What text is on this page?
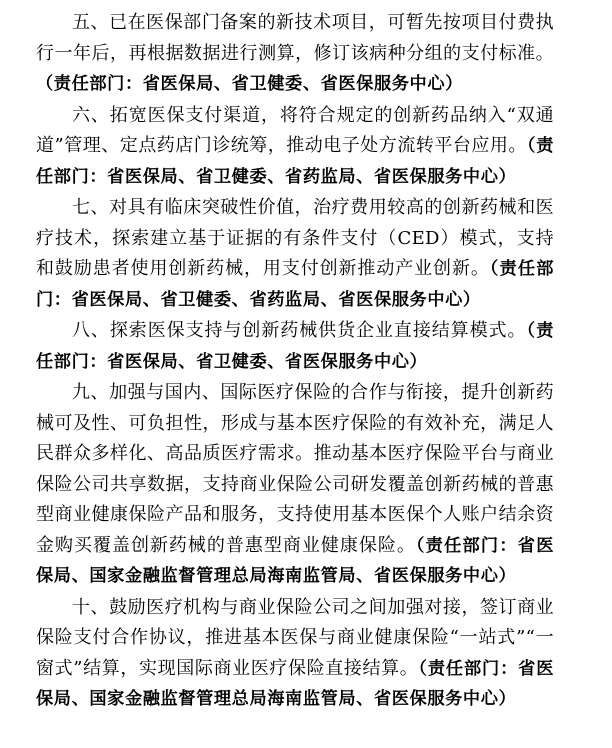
五、已在医保部门备案的新技术项目，可暂先按项目付费执行一年后，再根据数据进行测算，修订该病种分组的支付标准。（责任部门：省医保局、省卫健委、省医保服务中心）

六、拓宽医保支付渠道，将符合规定的创新药品纳入“双通道”管理、定点药店门诊统筹，推动电子处方流转平台应用。（责任部门：省医保局、省卫健委、省药监局、省医保服务中心）

七、对具有临床突破性价值，治疗费用较高的创新药械和医疗技术，探索建立基于证据的有条件支付（CED）模式，支持和鼓励患者使用创新药械，用支付创新推动产业创新。（责任部门：省医保局、省卫健委、省药监局、省医保服务中心）

八、探索医保支持与创新药械供货企业直接结算模式。（责任部门：省医保局、省卫健委、省医保服务中心）

九、加强与国内、国际医疗保险的合作与衔接，提升创新药械可及性、可负担性，形成与基本医疗保险的有效补充，满足人民群众多样化、高品质医疗需求。推动基本医疗保险平台与商业保险公司共享数据，支持商业保险公司研发覆盖创新药械的普惠型商业健康保险产品和服务，支持使用基本医保个人账户结余资金购买覆盖创新药械的普惠型商业健康保险。（责任部门：省医保局、国家金融监督管理总局海南监管局、省医保服务中心）

十、鼓励医疗机构与商业保险公司之间加强对接，签订商业保险支付合作协议，推进基本医保与商业健康保险“一站式”“一窗式”结算，实现国际商业医疗保险直接结算。（责任部门：省医保局、国家金融监督管理总局海南监管局、省医保服务中心）
